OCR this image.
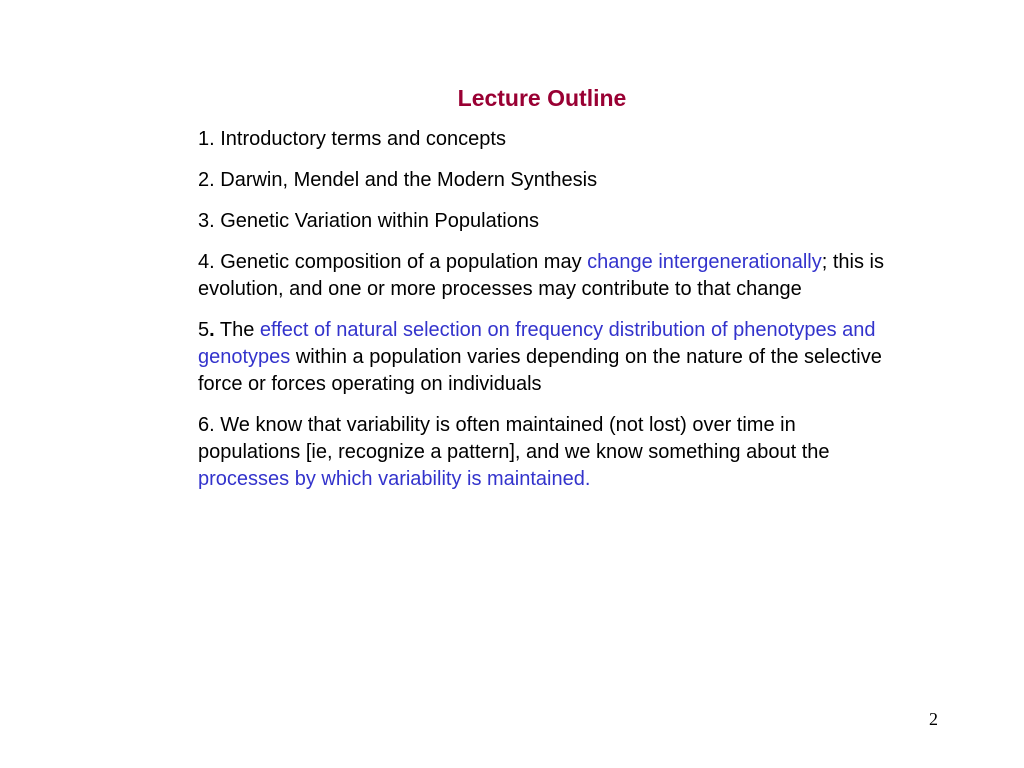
Lecture Outline
1. Introductory terms and concepts
2. Darwin, Mendel and the Modern Synthesis
3. Genetic Variation within Populations
4. Genetic composition of a population may change intergenerationally; this is evolution, and one or more processes may contribute to that change
5. The effect of natural selection on frequency distribution of phenotypes and genotypes within a population varies depending on the nature of the selective force or forces operating on individuals
6. We know that variability is often maintained (not lost) over time in populations [ie, recognize a pattern], and we know something about the processes by which variability is maintained.
2
